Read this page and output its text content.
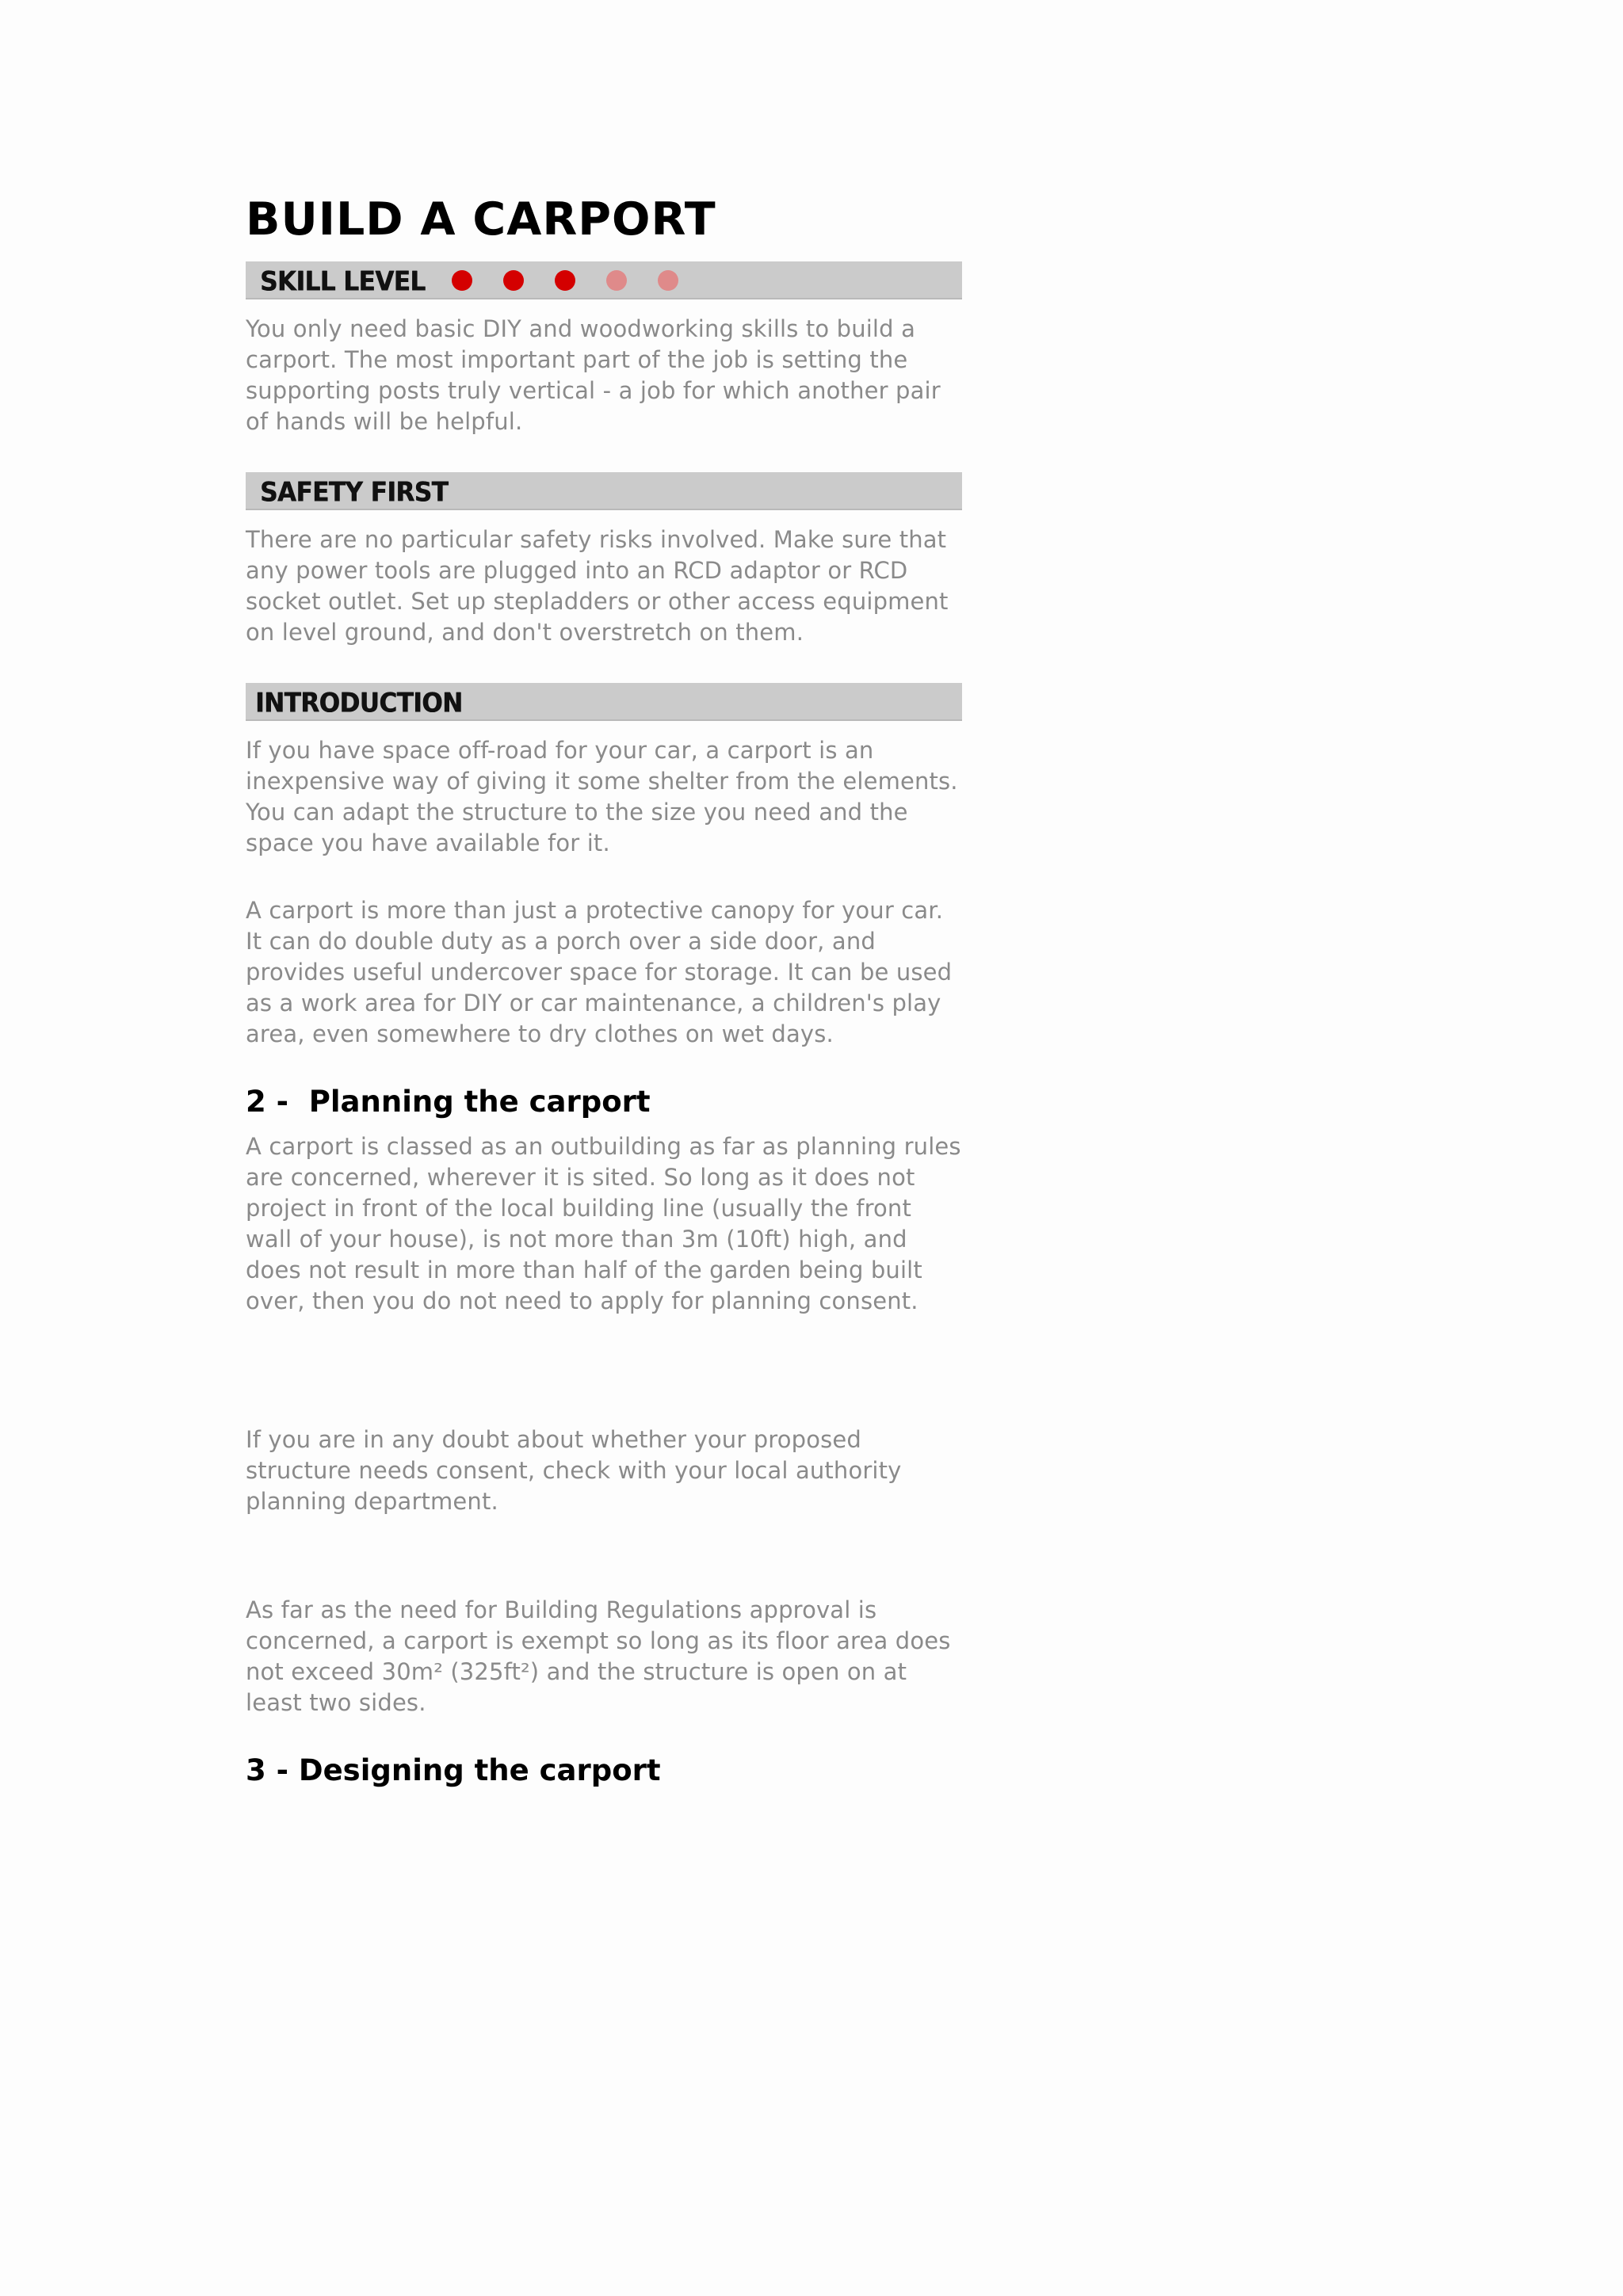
BUILD A CARPORT
SKILL LEVEL

You only need basic DIY and woodworking skills to build a carport. The most important part of the job is setting the supporting posts truly vertical - a job for which another pair of hands will be helpful.

SAFETY FIRST

There are no particular safety risks involved. Make sure that any power tools are plugged into an RCD adaptor or RCD socket outlet. Set up stepladders or other access equipment on level ground, and don't overstretch on them.

INTRODUCTION

If you have space off-road for your car, a carport is an inexpensive way of giving it some shelter from the elements. You can adapt the structure to the size you need and the space you have available for it.

A carport is more than just a protective canopy for your car. It can do double duty as a porch over a side door, and provides useful undercover space for storage. It can be used as a work area for DIY or car maintenance, a children's play area, even somewhere to dry clothes on wet days.

2 -  Planning the carport

A carport is classed as an outbuilding as far as planning rules are concerned, wherever it is sited. So long as it does not project in front of the local building line (usually the front wall of your house), is not more than 3m (10ft) high, and does not result in more than half of the garden being built over, then you do not need to apply for planning consent.

If you are in any doubt about whether your proposed structure needs consent, check with your local authority planning department.

As far as the need for Building Regulations approval is concerned, a carport is exempt so long as its floor area does not exceed 30m² (325ft²) and the structure is open on at least two sides.

3 - Designing the carport
